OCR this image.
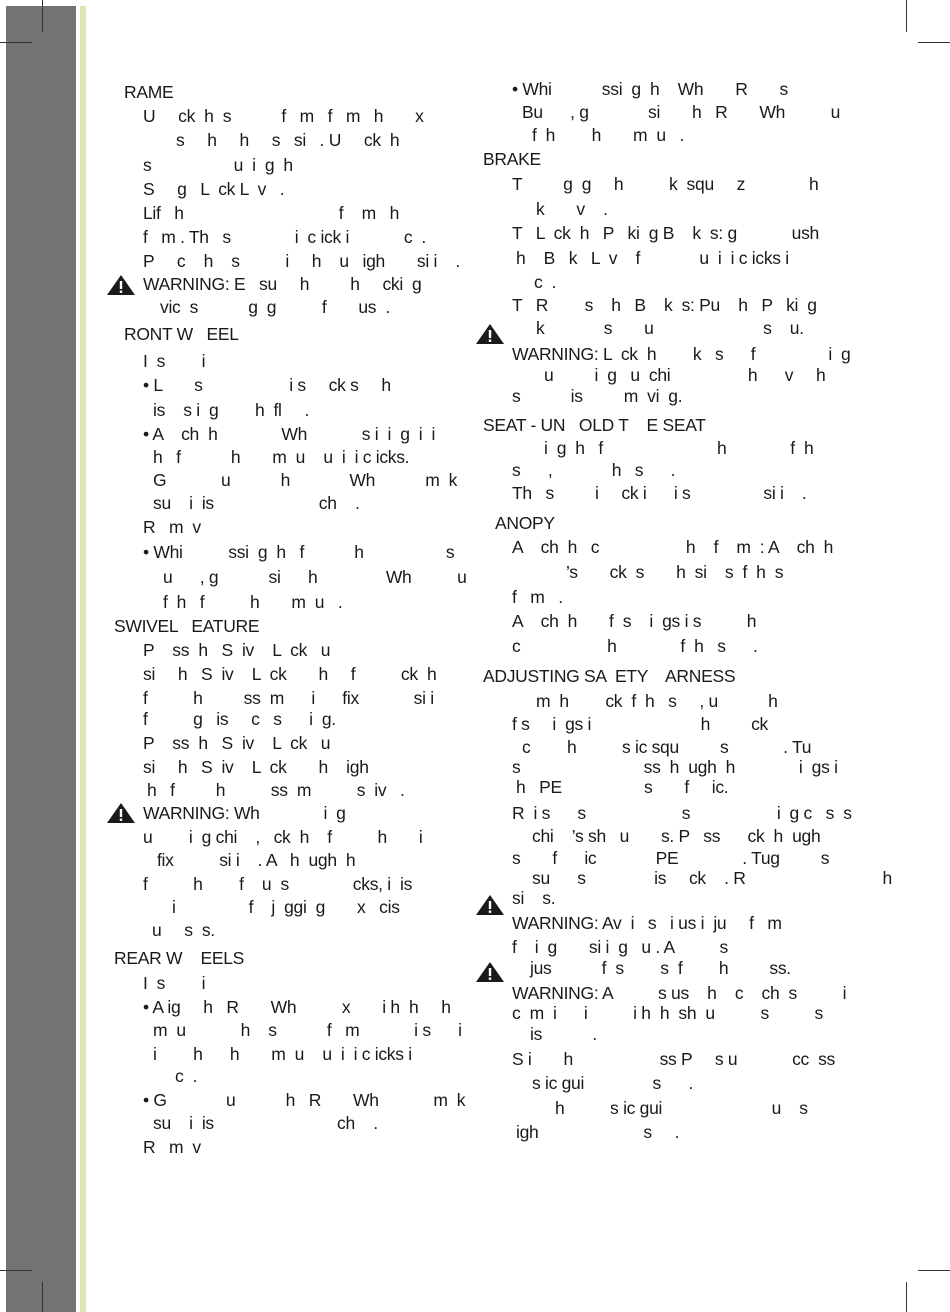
RAME
U     ck  h  s           f   m   f   m   h       x
s     h     h     s   si   . U     ck  h
s                  u  i  g  h
S     g   L  ck L  v   .
Lif   h                                  f    m   h
f   m . Th   s              i  c ick i            c  .
P     c    h    s          i     h    u   igh       si i    .
WARNING: E   su     h         h     cki  g
vic  s           g  g          f       us  .
RONT W   EEL
I  s        i
• L       s                   i s     ck s     h
is    s i  g        h  fl     .
• A    ch  h              Wh            s i  i  g  i  i
h   f           h       m  u    u  i  i c icks.
G            u           h             Wh           m  k
su    i  is                       ch    .
R   m  v
• Whi          ssi  g  h   f           h                  s
u      , g           si      h               Wh          u
f  h   f          h       m  u   .
SWIVEL   EATURE
P    ss  h   S  iv    L  ck   u
si     h   S  iv    L  ck       h     f          ck  h
f          h         ss  m      i      fix            si i
f          g   is     c   s      i  g.
P    ss  h   S  iv    L  ck   u
si     h   S  iv    L  ck       h    igh
h   f         h          ss  m          s  iv   .
WARNING: Wh              i  g
u        i  g chi    ,   ck  h    f          h       i
fix          si i    . A   h  ugh  h
f          h        f    u  s              cks, i  is
i                f    j  ggi  g       x   cis
u     s  s.
REAR W    EELS
I  s        i
• A ig     h   R       Wh          x       i h  h     h
m  u            h    s           f   m            i s      i
i        h      h       m  u    u  i  i c icks i
c  .
• G             u           h   R       Wh            m  k
su    i  is                           ch    .
R   m  v
• Whi           ssi  g  h    Wh       R       s
Bu      , g             si       h   R       Wh          u
f  h        h       m  u   .
BRAKE
T         g  g     h          k  squ     z              h
k       v    .
T   L  ck  h   P   ki  g B    k  s: g            ush
h    B   k   L  v    f             u  i  i c icks i
c  .
T   R        s    h   B    k  s: Pu    h   P   ki  g
k             s       u                        s    u.
WARNING: L  ck  h        k   s      f                i  g
u         i  g   u  chi                 h      v     h
s           is         m  vi  g.
SEAT - UN   OLD T    E SEAT
i  g  h   f                         h              f  h
s      ,             h   s      .
Th   s         i     ck i      i s                si i    .
ANOPY
A    ch  h   c                   h    f    m  : A    ch  h
’s       ck  s       h  si    s  f  h  s
f   m   .
A    ch  h       f  s    i  gs i s          h
c                   h              f  h   s      .
ADJUSTING SA  ETY    ARNESS
m  h        ck  f  h   s     , u           h
f s     i  gs i                        h         ck
c        h          s ic squ         s            . Tu
s                           ss  h  ugh  h              i  gs i
h   PE                  s       f     ic.
R  i s      s                     s                   i  g c   s  s
chi    ’s sh   u       s. P   ss      ck  h  ugh
s       f      ic             PE              . Tug         s
su      s               is     ck    . R                              h
si    s.
WARNING: Av  i   s   i us i  ju     f   m
f    i  g       si i  g   u . A          s
jus           f  s        s  f        h         ss.
WARNING: A          s us    h    c    ch  s          i
c  m  i      i          i h  h  sh  u          s          s
is           .
S i       h                   ss P     s u            cc  ss
s ic gui               s      .
h          s ic gui                        u    s
igh                       s     .
